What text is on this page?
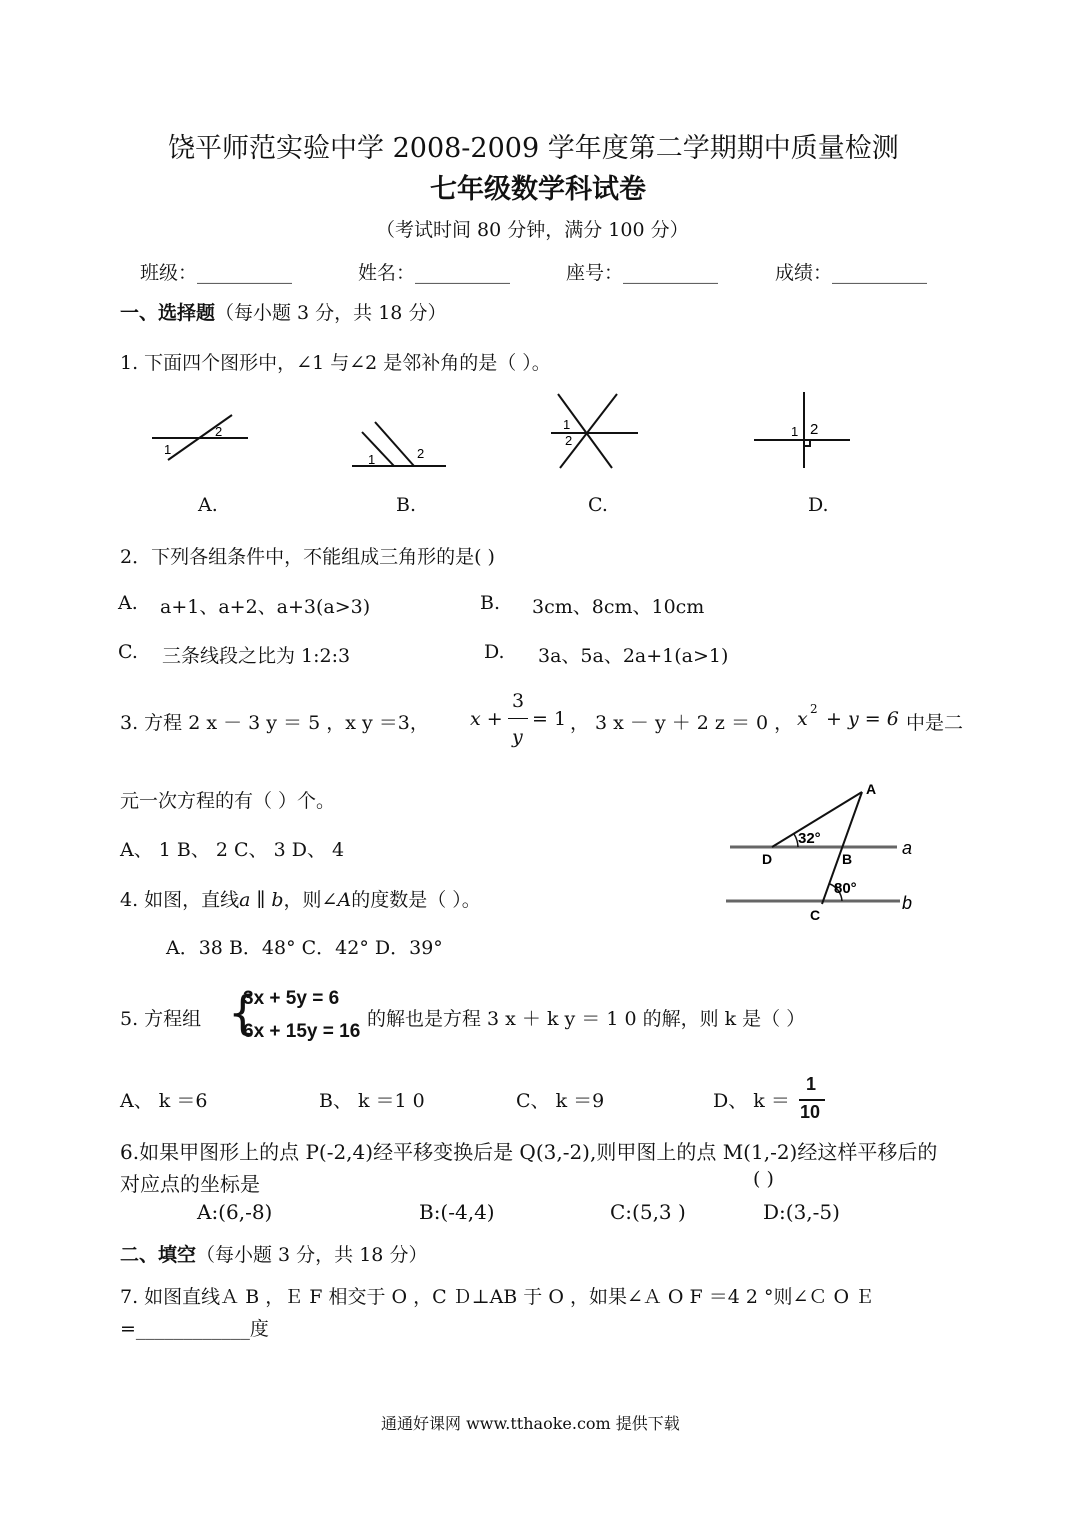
饶平师范实验中学 2008-2009 学年度第二学期期中质量检测
七年级数学科试卷
（考试时间 80 分钟，满分 100 分）
班级：__________	姓名：__________	座号：__________	成绩：__________
一、选择题（每小题 3 分，共 18 分）
1. 下面四个图形中，∠1 与∠2 是邻补角的是（ ）。
1
2
1	2
1
2
1 2
A.	B.	C.	D.
2．下列各组条件中，不能组成三角形的是( )
A. a+1、a+2、a+3(a>3)	B. 3cm、8cm、10cm
C. 三条线段之比为 1:2:3	D. 3a、5a、2a+1(a>1)
3. 方程 2 x － 3 y ＝ 5 ，x y ＝3， x +
3
y
= 1 ， 3 x － y ＋ 2 z ＝ 0 ， x 2 + y = 6 中是二
元一次方程的有（ ）个。
A、 1 B、 2 C、 3 D、 4
A
B
C
D
32°
80°
a
b
4. 如图，直线a ∥ b，则∠A的度数是（ ）。
A．38 B．48° C．42° D．39°
5. 方程组 {
3x + 5y = 6
6x + 15y = 16
的解也是方程 3 x ＋ k y ＝ 1 0 的解，则 k 是（ ）
A、 k ＝6	B、 k ＝1 0	C、 k ＝9	D、 k ＝
1
10
6.如果甲图形上的点 P(-2,4)经平移变换后是 Q(3,-2),则甲图上的点 M(1,-2)经这样平移后的
对应点的坐标是	( )
A:(6,-8)	B:(-4,4)	C:(5,3 )	D:(3,-5)
二、填空（每小题 3 分，共 18 分）
7. 如图直线Ａ B ，Ｅ F 相交于 O ，C Ｄ⊥AB 于 O ，如果∠Ａ O F ＝4 2 °则∠Ｃ O Ｅ
=____________度
通通好课网 www.tthaoke.com 提供下载
